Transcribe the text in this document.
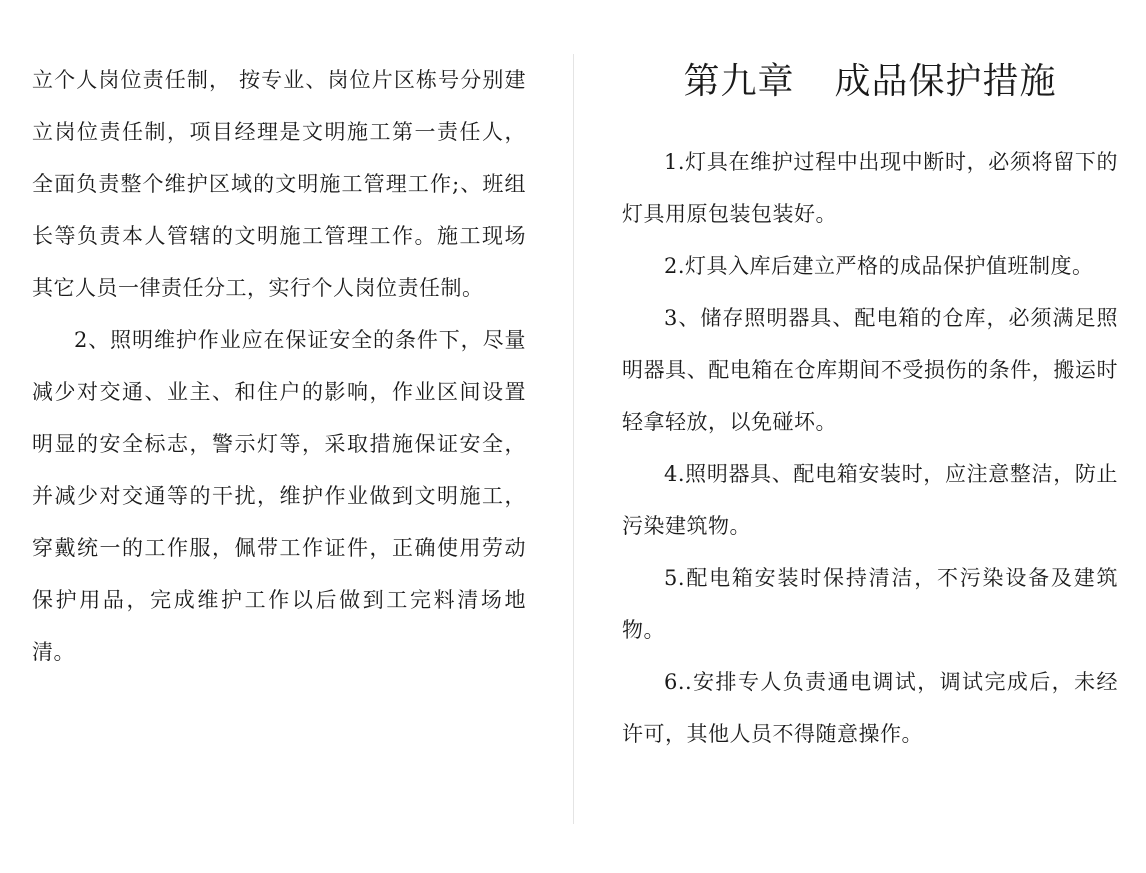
立个人岗位责任制， 按专业、岗位片区栋号分别建立岗位责任制，项目经理是文明施工第一责任人，全面负责整个维护区域的文明施工管理工作;、班组长等负责本人管辖的文明施工管理工作。施工现场其它人员一律责任分工，实行个人岗位责任制。

2、照明维护作业应在保证安全的条件下，尽量减少对交通、业主、和住户的影响，作业区间设置明显的安全标志，警示灯等，采取措施保证安全，并减少对交通等的干扰，维护作业做到文明施工，穿戴统一的工作服，佩带工作证件，正确使用劳动保护用品，完成维护工作以后做到工完料清场地清。

第九章 成品保护措施

1.灯具在维护过程中出现中断时，必须将留下的灯具用原包装包装好。

2.灯具入库后建立严格的成品保护值班制度。

3、储存照明器具、配电箱的仓库，必须满足照明器具、配电箱在仓库期间不受损伤的条件，搬运时轻拿轻放，以免碰坏。

4.照明器具、配电箱安装时，应注意整洁，防止污染建筑物。

5.配电箱安装时保持清洁，不污染设备及建筑物。

6..安排专人负责通电调试，调试完成后，未经许可，其他人员不得随意操作。
